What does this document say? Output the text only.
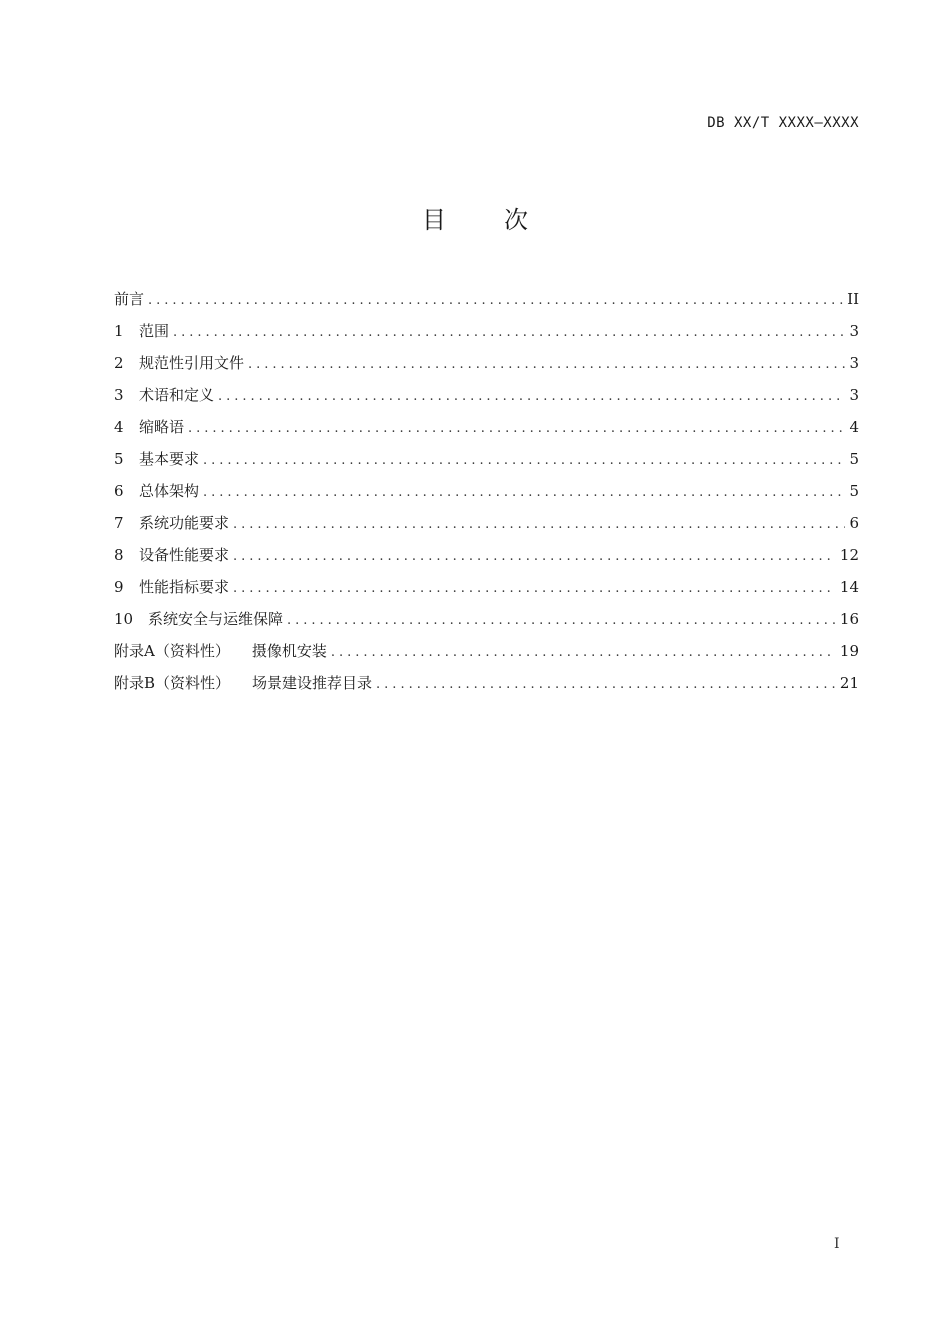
DB XX/T XXXX—XXXX
目 次
前言 .....	II
1	范围 .....	3
2	规范性引用文件 .....	3
3	术语和定义 .....	3
4	缩略语 .....	4
5	基本要求 .....	5
6	总体架构 .....	5
7	系统功能要求 .....	6
8	设备性能要求 .....	12
9	性能指标要求 .....	14
10 系统安全与运维保障 .....	16
附录A（资料性） 摄像机安装 .....	19
附录B（资料性） 场景建设推荐目录 .....	21
I
